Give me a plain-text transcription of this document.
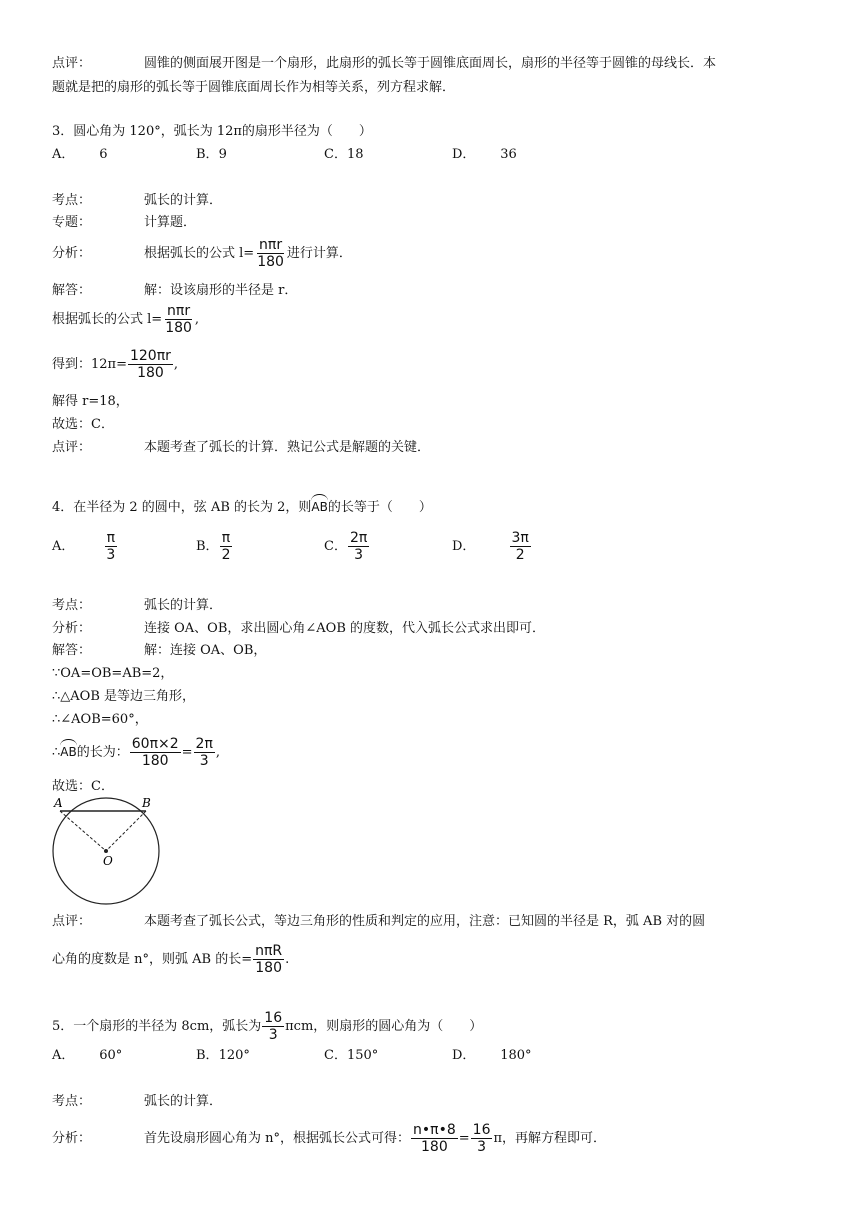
点评：	圆锥的侧面展开图是一个扇形，此扇形的弧长等于圆锥底面周长，扇形的半径等于圆锥的母线长．本
题就是把的扇形的弧长等于圆锥底面周长作为相等关系，列方程求解．
3．圆心角为 120°，弧长为 12π的扇形半径为（　　）
A． 6	B．9	C．18	D． 36
考点：	弧长的计算．
专题：	计算题．
分析：	根据弧长的公式 $l= \frac{\text{nπr}}{180}$ 进行计算．
解答：	解：设该扇形的半径是 r．
根据弧长的公式 $l= \frac{\text{nπr}}{180}$ ,
得到：$12\pi= \frac{120\pi r}{180}$ ,
解得 r=18，
故选：C．
点评：	本题考查了弧长的计算．熟记公式是解题的关键．
4．在半径为 2 的圆中，弦 AB 的长为 2，则AB的长等于（　　）
A． $\frac{\pi}{3}$	B． $\frac{\pi}{2}$	C． $\frac{2\pi}{3}$	D． $\frac{3\pi}{2}$
考点：	弧长的计算．
分析：	连接 OA、OB，求出圆心角∠AOB 的度数，代入弧长公式求出即可．
解答：	解：连接 OA、OB，
∵OA=OB=AB=2，
∴△AOB 是等边三角形，
∴∠AOB=60°，
∴AB的长为： $\frac{60\pi\times 2}{180} = \frac{2\pi}{3}$ ,
故选：C．
A	B
O
点评：	本题考查了弧长公式，等边三角形的性质和判定的应用，注意：已知圆的半径是 R，弧 AB 对的圆
心角的度数是 n°，则弧 AB 的长= $\frac{\text{nπR}}{180}$ .
5．一个扇形的半径为 8cm，弧长为 $\frac{16}{3}$ πcm，则扇形的圆心角为（　　）
A． 60°	B．120°	C．150°	D． 180°
考点：	弧长的计算．
分析：	首先设扇形圆心角为 n°，根据弧长公式可得： $\frac{n•\pi•8}{180} = \frac{16}{3}$ π，再解方程即可．
